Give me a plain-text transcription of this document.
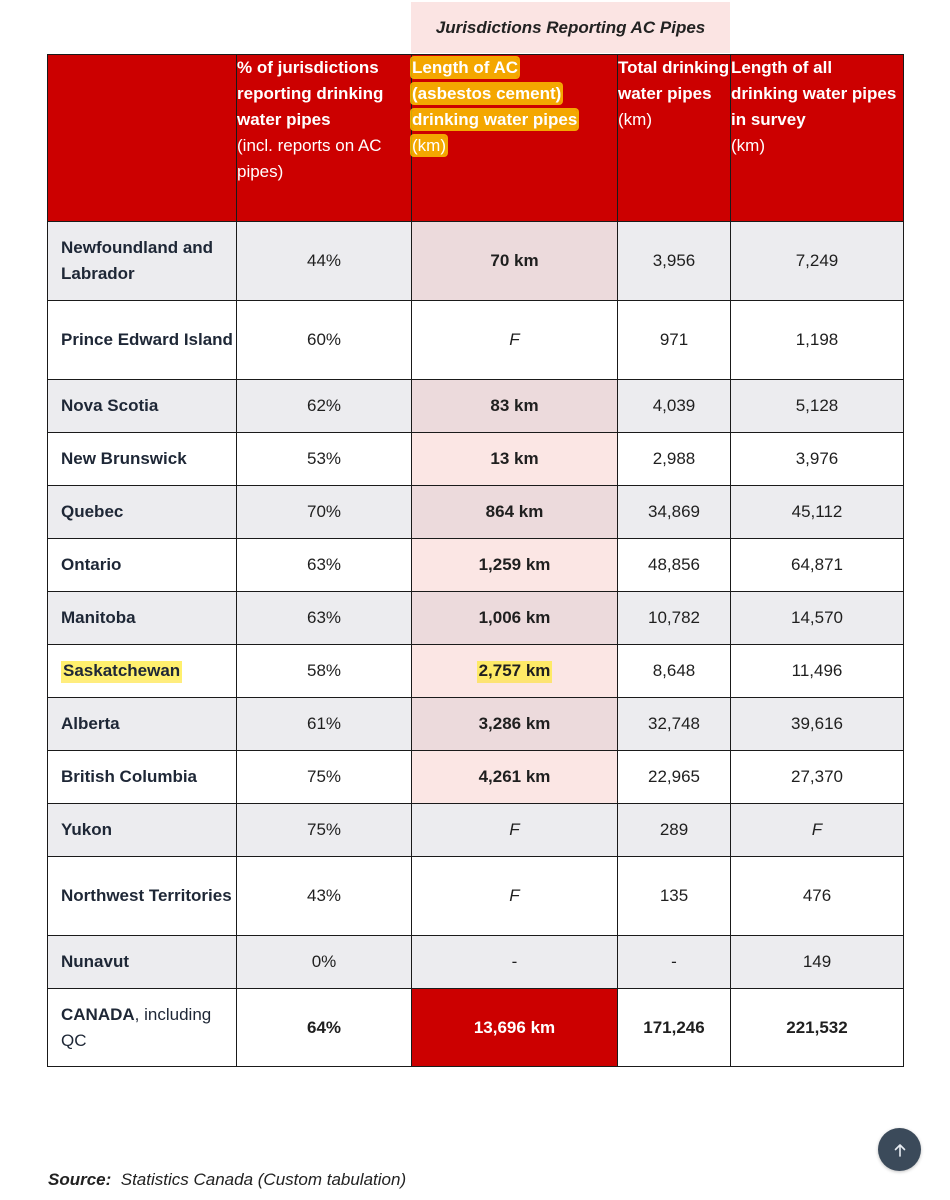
Jurisdictions Reporting AC Pipes
	% of jurisdictions reporting drinking water pipes
(incl. reports on AC pipes)	Length of AC
(asbestos cement)
drinking water pipes
(km)	Total drinking water pipes (km)	Length of all drinking water pipes in survey
(km)
Newfoundland and Labrador	44%	70 km	3,956	7,249
Prince Edward Island	60%	F	971	1,198
Nova Scotia	62%	83 km	4,039	5,128
New Brunswick	53%	13 km	2,988	3,976
Quebec	70%	864 km	34,869	45,112
Ontario	63%	1,259 km	48,856	64,871
Manitoba	63%	1,006 km	10,782	14,570
Saskatchewan	58%	2,757 km	8,648	11,496
Alberta	61%	3,286 km	32,748	39,616
British Columbia	75%	4,261 km	22,965	27,370
Yukon	75%	F	289	F
Northwest Territories	43%	F	135	476
Nunavut	0%	-	-	149
CANADA, including QC	64%	13,696 km	171,246	221,532
Source: Statistics Canada (Custom tabulation)
